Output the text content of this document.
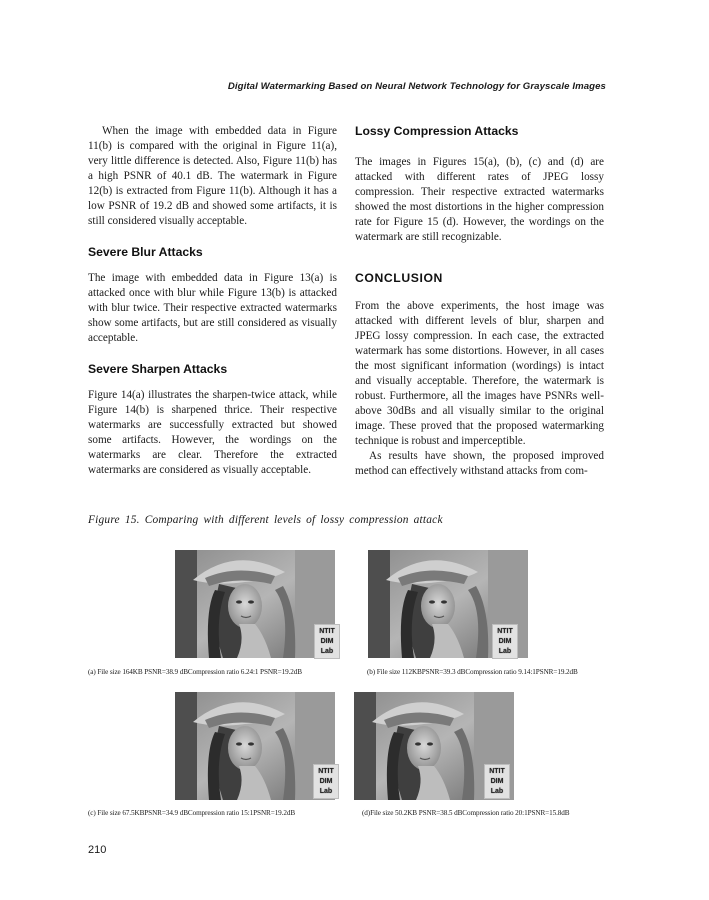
Digital Watermarking Based on Neural Network Technology for Grayscale Images

When the image with embedded data in Figure 11(b) is compared with the original in Figure 11(a), very little difference is detected. Also, Figure 11(b) has a high PSNR of 40.1 dB. The watermark in Figure 12(b) is extracted from Figure 11(b). Although it has a low PSNR of 19.2 dB and showed some artifacts, it is still considered visually acceptable.

Severe Blur Attacks

The image with embedded data in Figure 13(a) is attacked once with blur while Figure 13(b) is attacked with blur twice. Their respective extracted watermarks show some artifacts, but are still considered as visually acceptable.

Severe Sharpen Attacks

Figure 14(a) illustrates the sharpen-twice attack, while Figure 14(b) is sharpened thrice. Their respective watermarks are successfully extracted but showed some artifacts. However, the wordings on the watermarks are clear. Therefore the extracted watermarks are considered as visually acceptable.

Lossy Compression Attacks

The images in Figures 15(a), (b), (c) and (d) are attacked with different rates of JPEG lossy compression. Their respective extracted watermarks showed the most distortions in the higher compression rate for Figure 15 (d). However, the wordings on the watermark are still recognizable.

CONCLUSION

From the above experiments, the host image was attacked with different levels of blur, sharpen and JPEG lossy compression. In each case, the extracted watermark has some distortions. However, in all cases the most significant information (wordings) is intact and visually acceptable. Therefore, the watermark is robust. Furthermore, all the images have PSNRs well-above 30dBs and all visually similar to the original image. These proved that the proposed watermarking technique is robust and imperceptible.

As results have shown, the proposed improved method can effectively withstand attacks from com-

Figure 15. Comparing with different levels of lossy compression attack
NTIT
DIM
Lab
(a) File size 164KB PSNR=38.9 dBCompression ratio 6.24:1 PSNR=19.2dB
NTIT
DIM
Lab
(b) File size 112KBPSNR=39.3 dBCompression ratio 9.14:1PSNR=19.2dB
NTIT
DIM
Lab
(c) File size 67.5KBPSNR=34.9 dBCompression ratio 15:1PSNR=19.2dB
NTIT
DIM
Lab
(d)File size 50.2KB PSNR=38.5 dBCompression ratio 20:1PSNR=15.8dB
210
